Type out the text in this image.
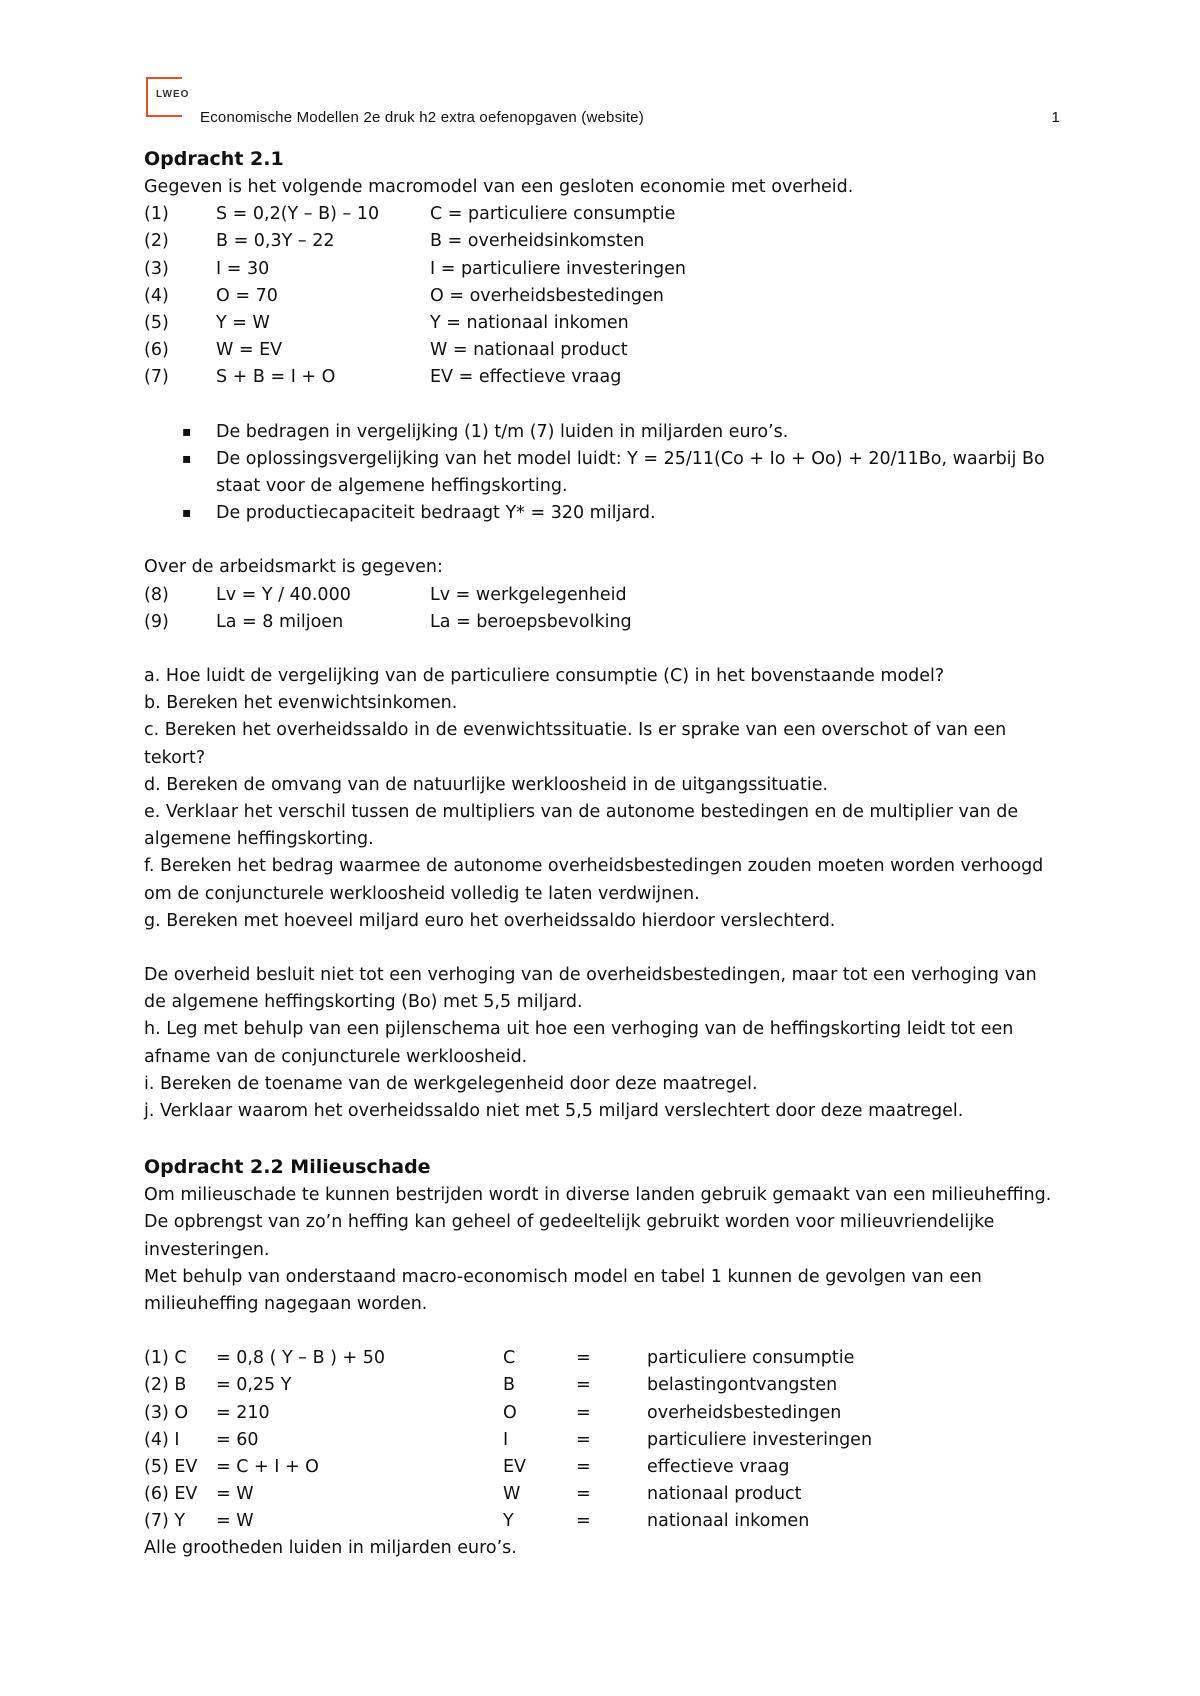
LWEO
Economische Modellen 2e druk h2 extra oefenopgaven (website)	1
Opdracht 2.1

Gegeven is het volgende macromodel van een gesloten economie met overheid.

(1)	S = 0,2(Y – B) – 10	C = particuliere consumptie
(2)	B = 0,3Y – 22	B = overheidsinkomsten
(3)	I = 30	I = particuliere investeringen
(4)	O = 70	O = overheidsbestedingen
(5)	Y = W	Y = nationaal inkomen
(6)	W = EV	W = nationaal product
(7)	S + B = I + O	EV = effectieve vraag
▪ De bedragen in vergelijking (1) t/m (7) luiden in miljarden euro’s.
▪ De oplossingsvergelijking van het model luidt: Y = 25/11(Co + Io + Oo) + 20/11Bo, waarbij Bo staat voor de algemene heffingskorting.
▪ De productiecapaciteit bedraagt Y* = 320 miljard.

Over de arbeidsmarkt is gegeven:

(8)	Lv = Y / 40.000	Lv = werkgelegenheid
(9)	La = 8 miljoen	La = beroepsbevolking

a. Hoe luidt de vergelijking van de particuliere consumptie (C) in het bovenstaande model?

b. Bereken het evenwichtsinkomen.

c. Bereken het overheidssaldo in de evenwichtssituatie. Is er sprake van een overschot of van een tekort?

d. Bereken de omvang van de natuurlijke werkloosheid in de uitgangssituatie.

e. Verklaar het verschil tussen de multipliers van de autonome bestedingen en de multiplier van de algemene heffingskorting.

f. Bereken het bedrag waarmee de autonome overheidsbestedingen zouden moeten worden verhoogd om de conjuncturele werkloosheid volledig te laten verdwijnen.

g. Bereken met hoeveel miljard euro het overheidssaldo hierdoor verslechterd.

De overheid besluit niet tot een verhoging van de overheidsbestedingen, maar tot een verhoging van de algemene heffingskorting (Bo) met 5,5 miljard.

h. Leg met behulp van een pijlenschema uit hoe een verhoging van de heffingskorting leidt tot een afname van de conjuncturele werkloosheid.

i. Bereken de toename van de werkgelegenheid door deze maatregel.

j. Verklaar waarom het overheidssaldo niet met 5,5 miljard verslechtert door deze maatregel.

Opdracht 2.2 Milieuschade

Om milieuschade te kunnen bestrijden wordt in diverse landen gebruik gemaakt van een milieuheffing. De opbrengst van zo’n heffing kan geheel of gedeeltelijk gebruikt worden voor milieuvriendelijke investeringen.

Met behulp van onderstaand macro-economisch model en tabel 1 kunnen de gevolgen van een milieuheffing nagegaan worden.

(1) C	= 0,8 ( Y – B ) + 50	C	=	particuliere consumptie
(2) B	= 0,25 Y	B	=	belastingontvangsten
(3) O	= 210	O	=	overheidsbestedingen
(4) I	= 60	I	=	particuliere investeringen
(5) EV	= C + I + O	EV	=	effectieve vraag
(6) EV	= W	W	=	nationaal product
(7) Y	= W	Y	=	nationaal inkomen

Alle grootheden luiden in miljarden euro’s.
